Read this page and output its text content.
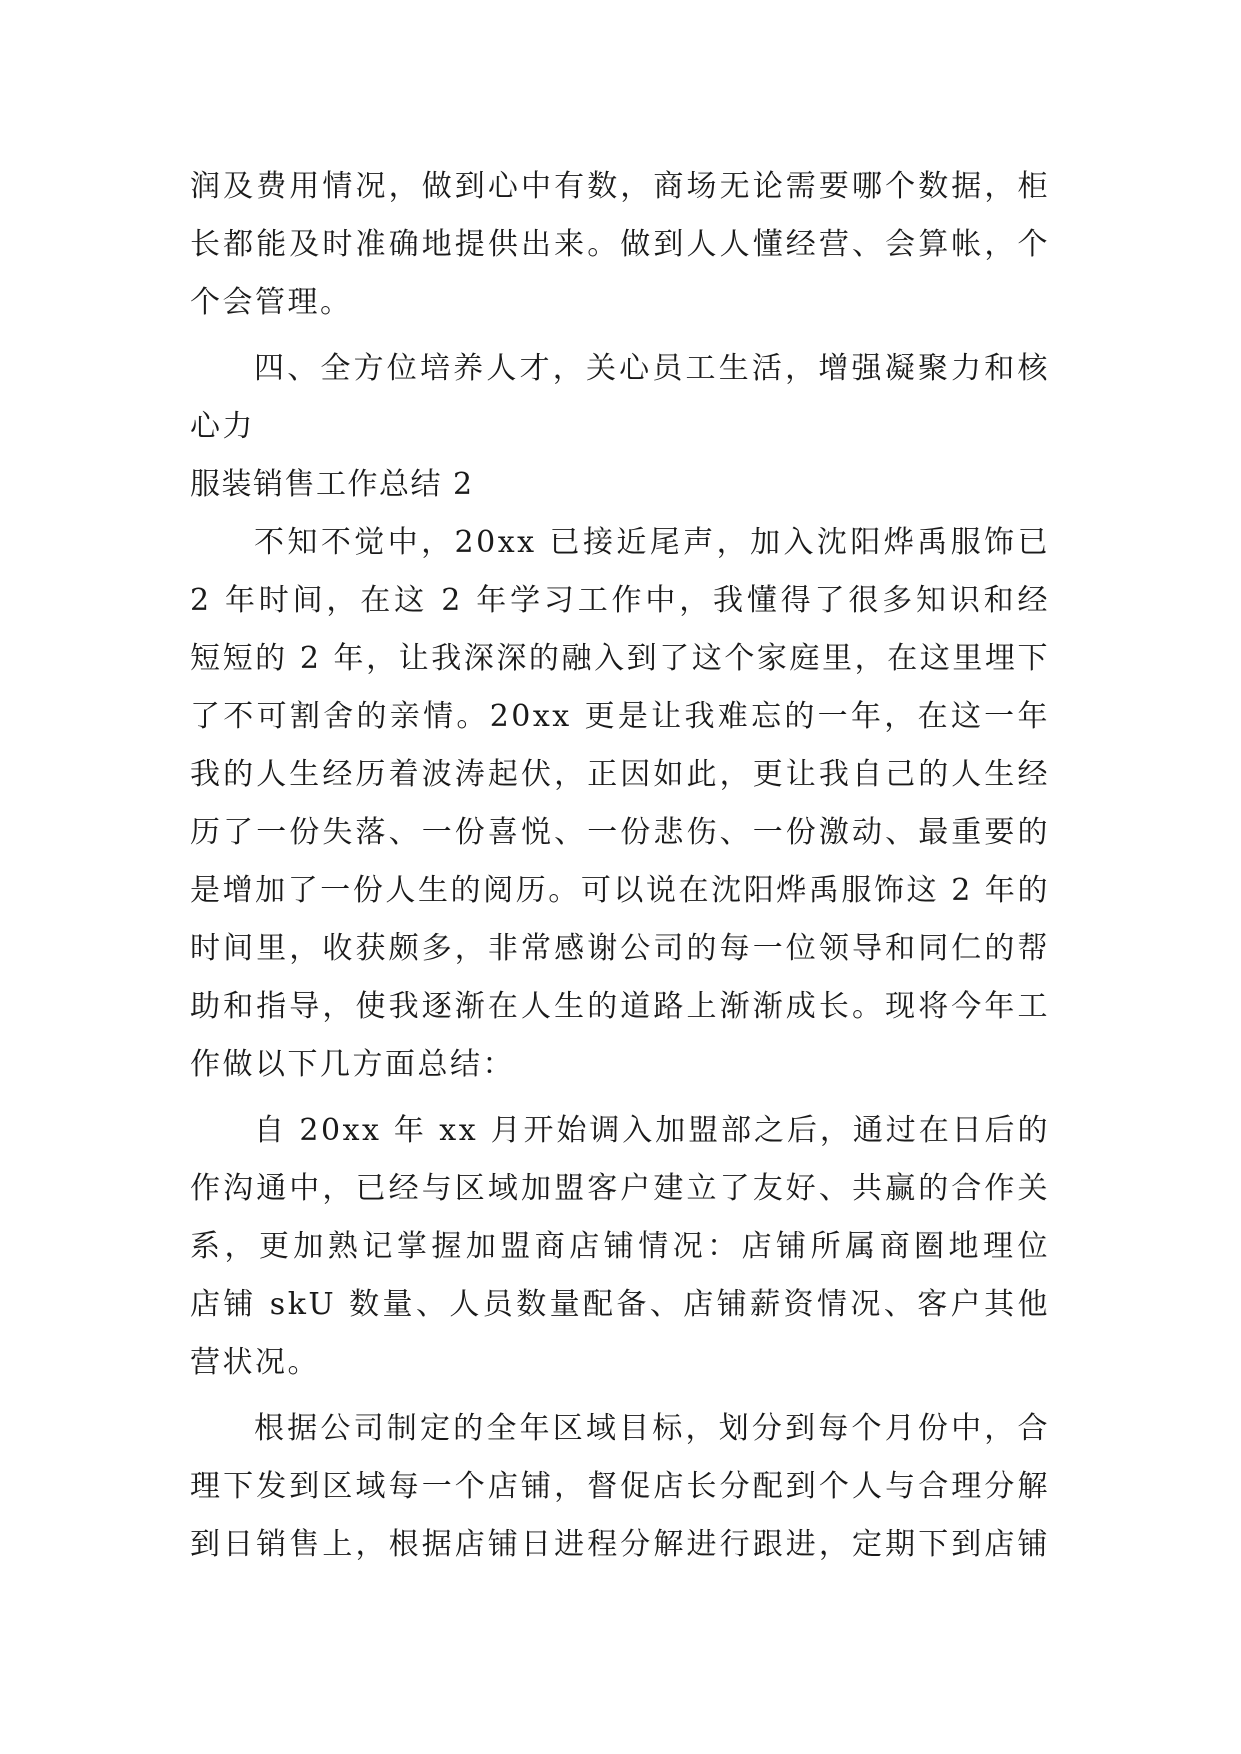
润及费用情况，做到心中有数，商场无论需要哪个数据，柜
长都能及时准确地提供出来。做到人人懂经营、会算帐，个
个会管理。
四、全方位培养人才，关心员工生活，增强凝聚力和核
心力
服装销售工作总结 2
不知不觉中，20xx 已接近尾声，加入沈阳烨禹服饰已
2 年时间，在这 2 年学习工作中，我懂得了很多知识和经
短短的 2 年，让我深深的融入到了这个家庭里，在这里埋下
了不可割舍的亲情。20xx 更是让我难忘的一年，在这一年
我的人生经历着波涛起伏，正因如此，更让我自己的人生经
历了一份失落、一份喜悦、一份悲伤、一份激动、最重要的
是增加了一份人生的阅历。可以说在沈阳烨禹服饰这 2 年的
时间里，收获颇多，非常感谢公司的每一位领导和同仁的帮
助和指导，使我逐渐在人生的道路上渐渐成长。现将今年工
作做以下几方面总结：
自 20xx 年 xx 月开始调入加盟部之后，通过在日后的
作沟通中，已经与区域加盟客户建立了友好、共赢的合作关
系，更加熟记掌握加盟商店铺情况：店铺所属商圈地理位
店铺 skU 数量、人员数量配备、店铺薪资情况、客户其他
营状况。
根据公司制定的全年区域目标，划分到每个月份中，合
理下发到区域每一个店铺，督促店长分配到个人与合理分解
到日销售上，根据店铺日进程分解进行跟进，定期下到店铺
